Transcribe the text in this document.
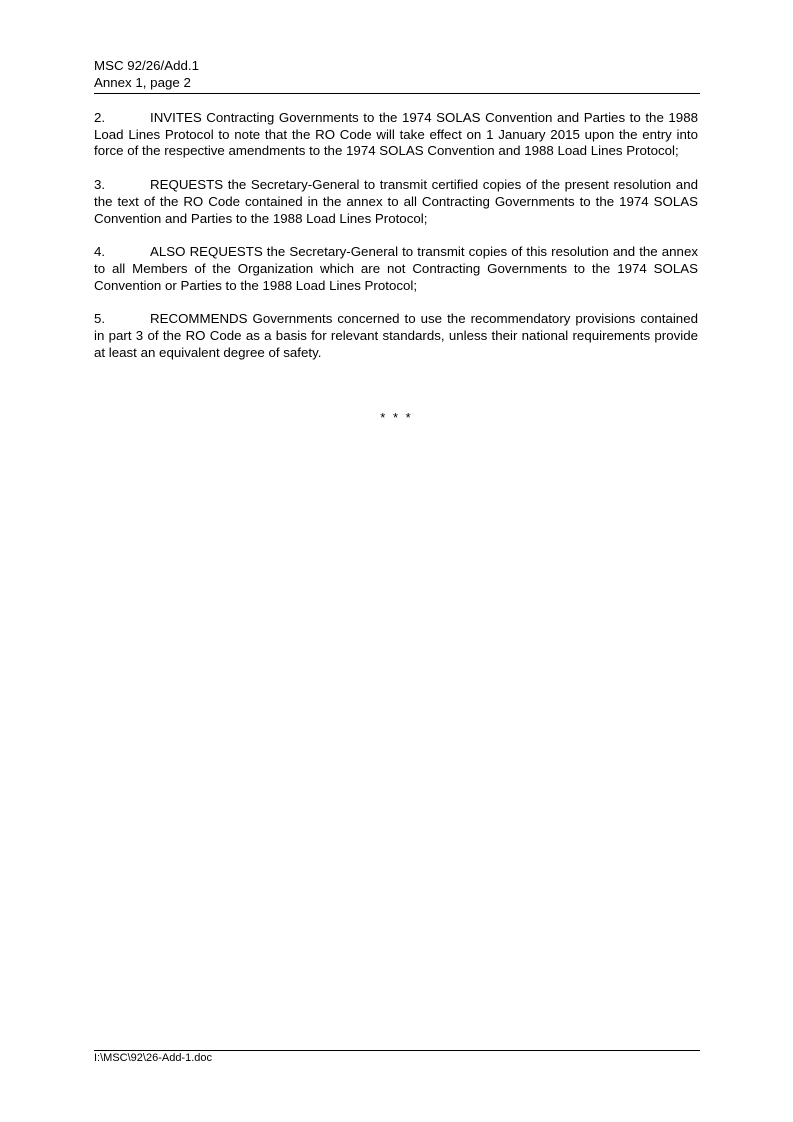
MSC 92/26/Add.1
Annex 1, page 2

2.	INVITES Contracting Governments to the 1974 SOLAS Convention and Parties to the 1988 Load Lines Protocol to note that the RO Code will take effect on 1 January 2015 upon the entry into force of the respective amendments to the 1974 SOLAS Convention and 1988 Load Lines Protocol;

3.	REQUESTS the Secretary-General to transmit certified copies of the present resolution and the text of the RO Code contained in the annex to all Contracting Governments to the 1974 SOLAS Convention and Parties to the 1988 Load Lines Protocol;

4.	ALSO REQUESTS the Secretary-General to transmit copies of this resolution and the annex to all Members of the Organization which are not Contracting Governments to the 1974 SOLAS Convention or Parties to the 1988 Load Lines Protocol;

5.	RECOMMENDS Governments concerned to use the recommendatory provisions contained in part 3 of the RO Code as a basis for relevant standards, unless their national requirements provide at least an equivalent degree of safety.

* * *
I:\MSC\92\26-Add-1.doc
